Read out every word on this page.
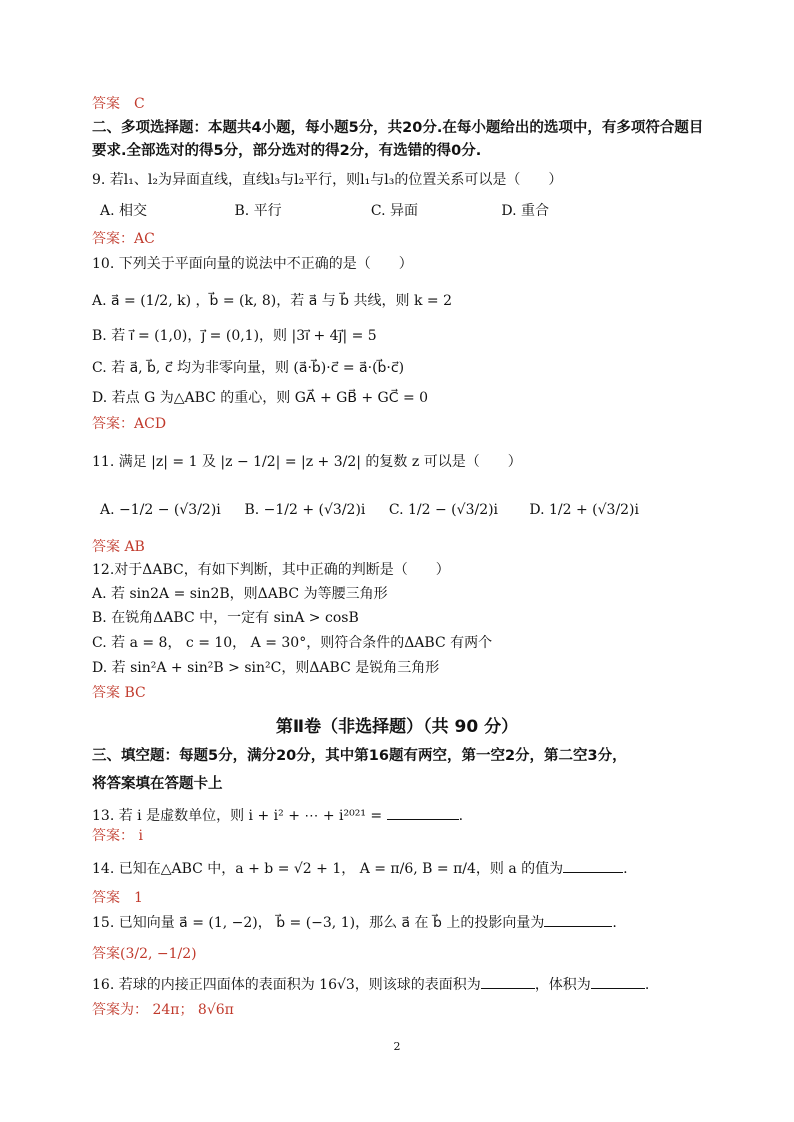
答案　C
二、多项选择题：本题共4小题，每小题5分，共20分.在每小题给出的选项中，有多项符合题目
要求.全部选对的得5分，部分选对的得2分，有选错的得0分.
9. 若l₁、l₂为异面直线，直线l₃与l₂平行，则l₁与l₃的位置关系可以是（　　）
A. 相交	B. 平行	C. 异面	D. 重合
答案：AC
10. 下列关于平面向量的说法中不正确的是（　　）
A. a⃗ = (1/2, k) ，b⃗ = (k, 8)，若 a⃗ 与 b⃗ 共线，则 k = 2
B. 若 i⃗ = (1,0)，j⃗ = (0,1)，则 |3i⃗ + 4j⃗| = 5
C. 若 a⃗, b⃗, c⃗ 均为非零向量，则 (a⃗·b⃗)·c⃗ = a⃗·(b⃗·c⃗)
D. 若点 G 为△ABC 的重心，则 GA⃗ + GB⃗ + GC⃗ = 0
答案：ACD
11. 满足 |z| = 1 及 |z − 1/2| = |z + 3/2| 的复数 z 可以是（　　）
A. −1/2 − (√3/2)i B. −1/2 + (√3/2)i C. 1/2 − (√3/2)i D. 1/2 + (√3/2)i
答案 AB
12.对于ΔABC，有如下判断，其中正确的判断是（　　）
A. 若 sin2A = sin2B，则ΔABC 为等腰三角形
B. 在锐角ΔABC 中，一定有 sinA > cosB
C. 若 a = 8， c = 10， A = 30°，则符合条件的ΔABC 有两个
D. 若 sin²A + sin²B > sin²C，则ΔABC 是锐角三角形
答案 BC
第Ⅱ卷（非选择题）（共 90 分）
三、填空题：每题5分，满分20分，其中第16题有两空，第一空2分，第二空3分，
将答案填在答题卡上
13. 若 i 是虚数单位，则 i + i² + ⋯ + i²⁰²¹ =	.
答案： i
14. 已知在△ABC 中，a + b = √2 + 1， A = π/6, B = π/4，则 a 的值为	.
答案　1
15. 已知向量 a⃗ = (1, −2)， b⃗ = (−3, 1)，那么 a⃗ 在 b⃗ 上的投影向量为	.
答案(3/2, −1/2)
16. 若球的内接正四面体的表面积为 16√3，则该球的表面积为	，体积为	.
答案为： 24π； 8√6π
2
